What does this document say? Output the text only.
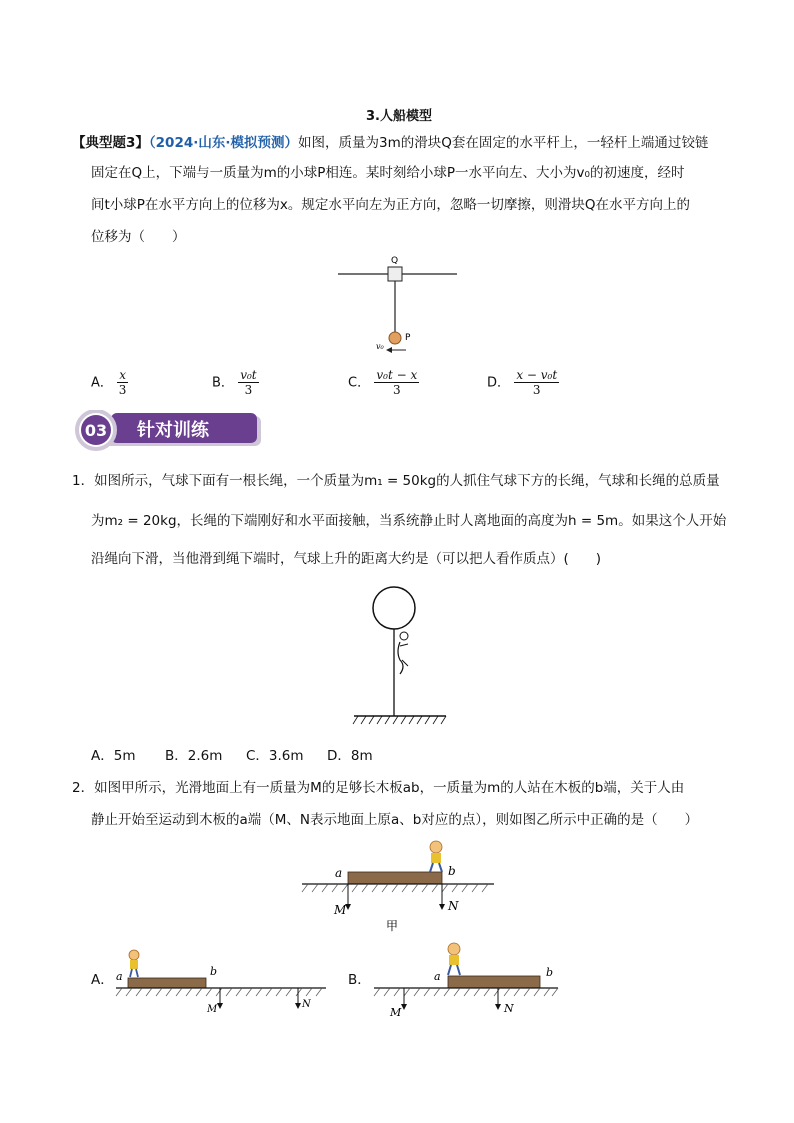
3.人船模型
【典型题3】（2024·山东·模拟预测）如图，质量为3m的滑块Q套在固定的水平杆上，一轻杆上端通过铰链
固定在Q上，下端与一质量为m的小球P相连。某时刻给小球P一水平向左、大小为v₀的初速度，经时
间t小球P在水平方向上的位移为x。规定水平向左为正方向，忽略一切摩擦，则滑块Q在水平方向上的
位移为（　　）
Q
P
v₀
A． $\frac{x}{3}$	B． $\frac{\text{v₀t}}{3}$	C． $\frac{\text{v₀t − x}}{3}$	D． $\frac{\text{x − v₀t}}{3}$
03 针对训练
1．如图所示，气球下面有一根长绳，一个质量为m₁ = 50kg的人抓住气球下方的长绳，气球和长绳的总质量
为m₂ = 20kg，长绳的下端刚好和水平面接触，当系统静止时人离地面的高度为h = 5m。如果这个人开始
沿绳向下滑，当他滑到绳下端时，气球上升的距离大约是（可以把人看作质点）(　　)
A．5m B．2.6m C．3.6m D．8m
2．如图甲所示，光滑地面上有一质量为M的足够长木板ab，一质量为m的人站在木板的b端，关于人由
静止开始至运动到木板的a端（M、N表示地面上原a、b对应的点），则如图乙所示中正确的是（　　）
a	b
M	N
甲
A． a	b
M	N
B．	a	b
M	N
